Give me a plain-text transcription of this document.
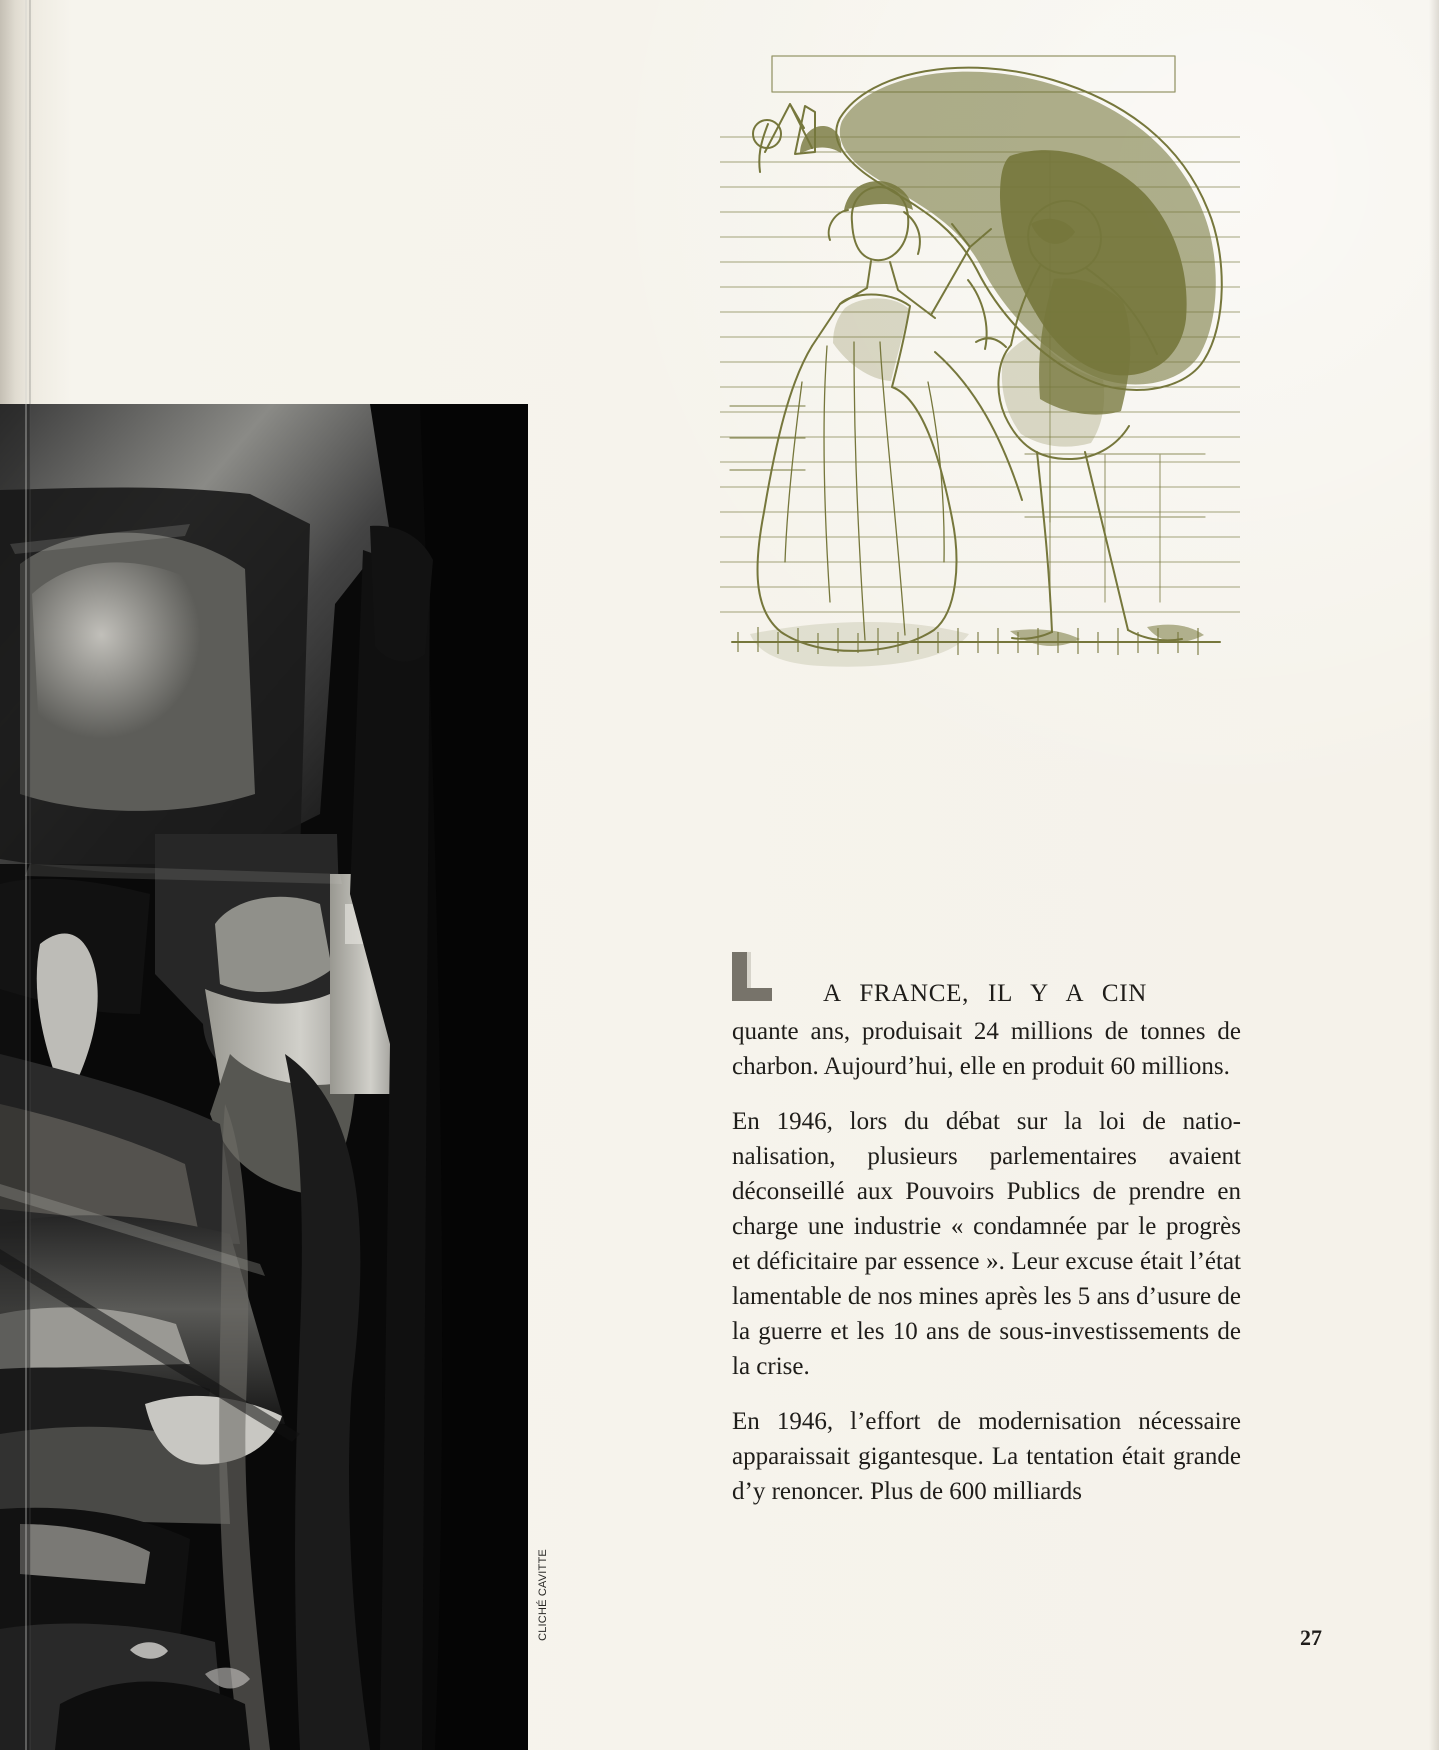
CLICHÉ CAVITTE
A FRANCE, IL Y A CIN

quante ans, produisait 24 millions de tonnes de charbon. Aujourd’hui, elle en produit 60 millions.

En 1946, lors du débat sur la loi de natio-nalisation, plusieurs parlementaires avaient déconseillé aux Pouvoirs Publics de prendre en charge une industrie « condamnée par le progrès et déficitaire par essence ». Leur excuse était l’état lamentable de nos mines après les 5 ans d’usure de la guerre et les 10 ans de sous-investissements de la crise.

En 1946, l’effort de modernisation nécessaire apparaissait gigantesque. La tentation était grande d’y renoncer. Plus de 600 milliards

27
